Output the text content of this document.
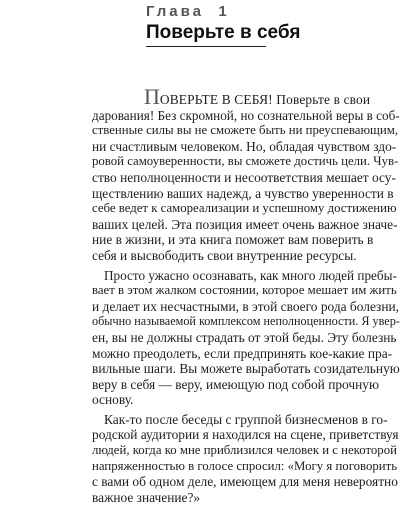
Глава  1
Поверьте в себя
ПОВЕРЬТЕ В СЕБЯ! Поверьте в свои
дарования! Без скромной, но сознательной веры в соб-
ственные силы вы не сможете быть ни преуспевающим,
ни счастливым человеком. Но, обладая чувством здо-
ровой самоуверенности, вы сможете достичь цели. Чув-
ство неполноценности и несоответствия мешает осу-
ществлению ваших надежд, а чувство уверенности в
себе ведет к самореализации и успешному достижению
ваших целей. Эта позиция имеет очень важное значе-
ние в жизни, и эта книга поможет вам поверить в
себя и высвободить свои внутренние ресурсы.
Просто ужасно осознавать, как много людей пребы-
вает в этом жалком состоянии, которое мешает им жить
и делает их несчастными, в этой своего рода болезни,
обычно называемой комплексом неполноценности. Я увер-
ен, вы не должны страдать от этой беды. Эту болезнь
можно преодолеть, если предпринять кое-какие пра-
вильные шаги. Вы можете выработать созидательную
веру в себя — веру, имеющую под собой прочную
основу.
Как-то после беседы с группой бизнесменов в го-
родской аудитории я находился на сцене, приветствуя
людей, когда ко мне приблизился человек и с некоторой
напряженностью в голосе спросил: «Могу я поговорить
с вами об одном деле, имеющем для меня невероятно
важное значение?»
